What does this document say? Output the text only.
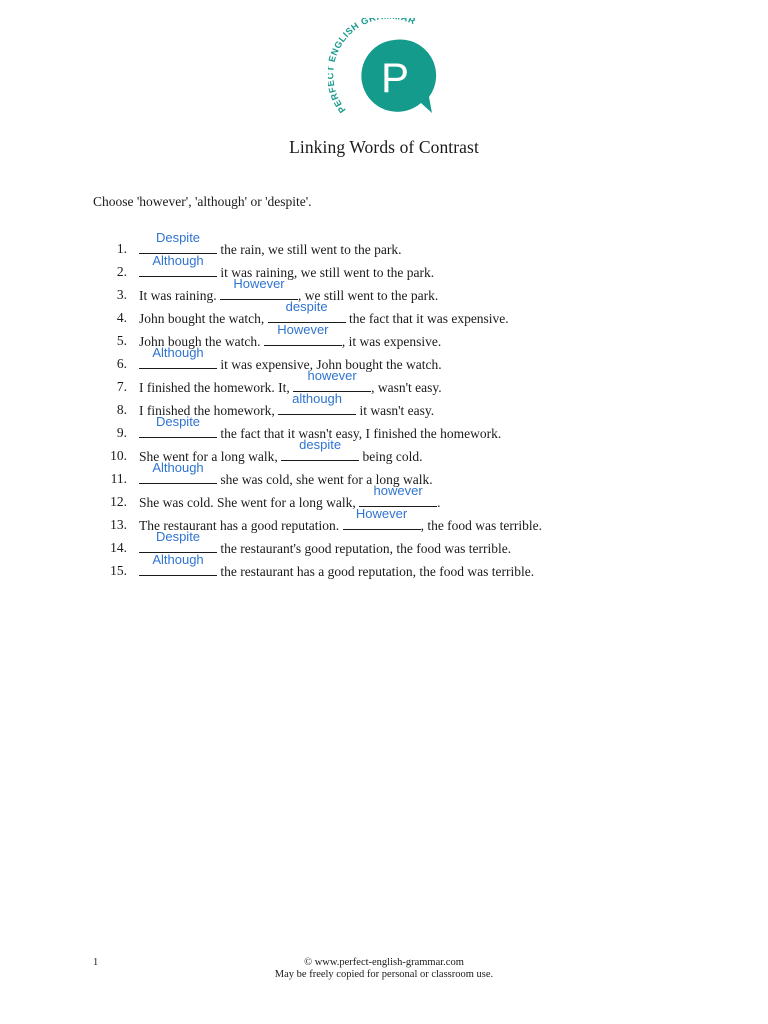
P
PER NGLISH GR R
Linking Words of Contrast
Choose 'however', 'although' or 'despite'.
1.
Despite
the rain, we still went to the park.
2.
Although
it was raining, we still went to the park.
3. It was raining.
However
, we still went to the park.
4. John bought the watch,
despite
the fact that it was expensive.
5. John bough the watch.
However
, it was expensive.
6.
Although
it was expensive, John bought the watch.
7. I finished the homework. It,
however
, wasn't easy.
8. I finished the homework,
although
it wasn't easy.
9.
Despite
the fact that it wasn't easy, I finished the homework.
10. She went for a long walk,
despite
being cold.
11.
Although
she was cold, she went for a long walk.
12. She was cold. She went for a long walk,
however
.
13. The restaurant has a good reputation.
However
, the food was terrible.
14.
Despite
the restaurant's good reputation, the food was terrible.
15.
Although
the restaurant has a good reputation, the food was terrible.
1	© www.perfect-english-grammar.com
May be freely copied for personal or classroom use.
